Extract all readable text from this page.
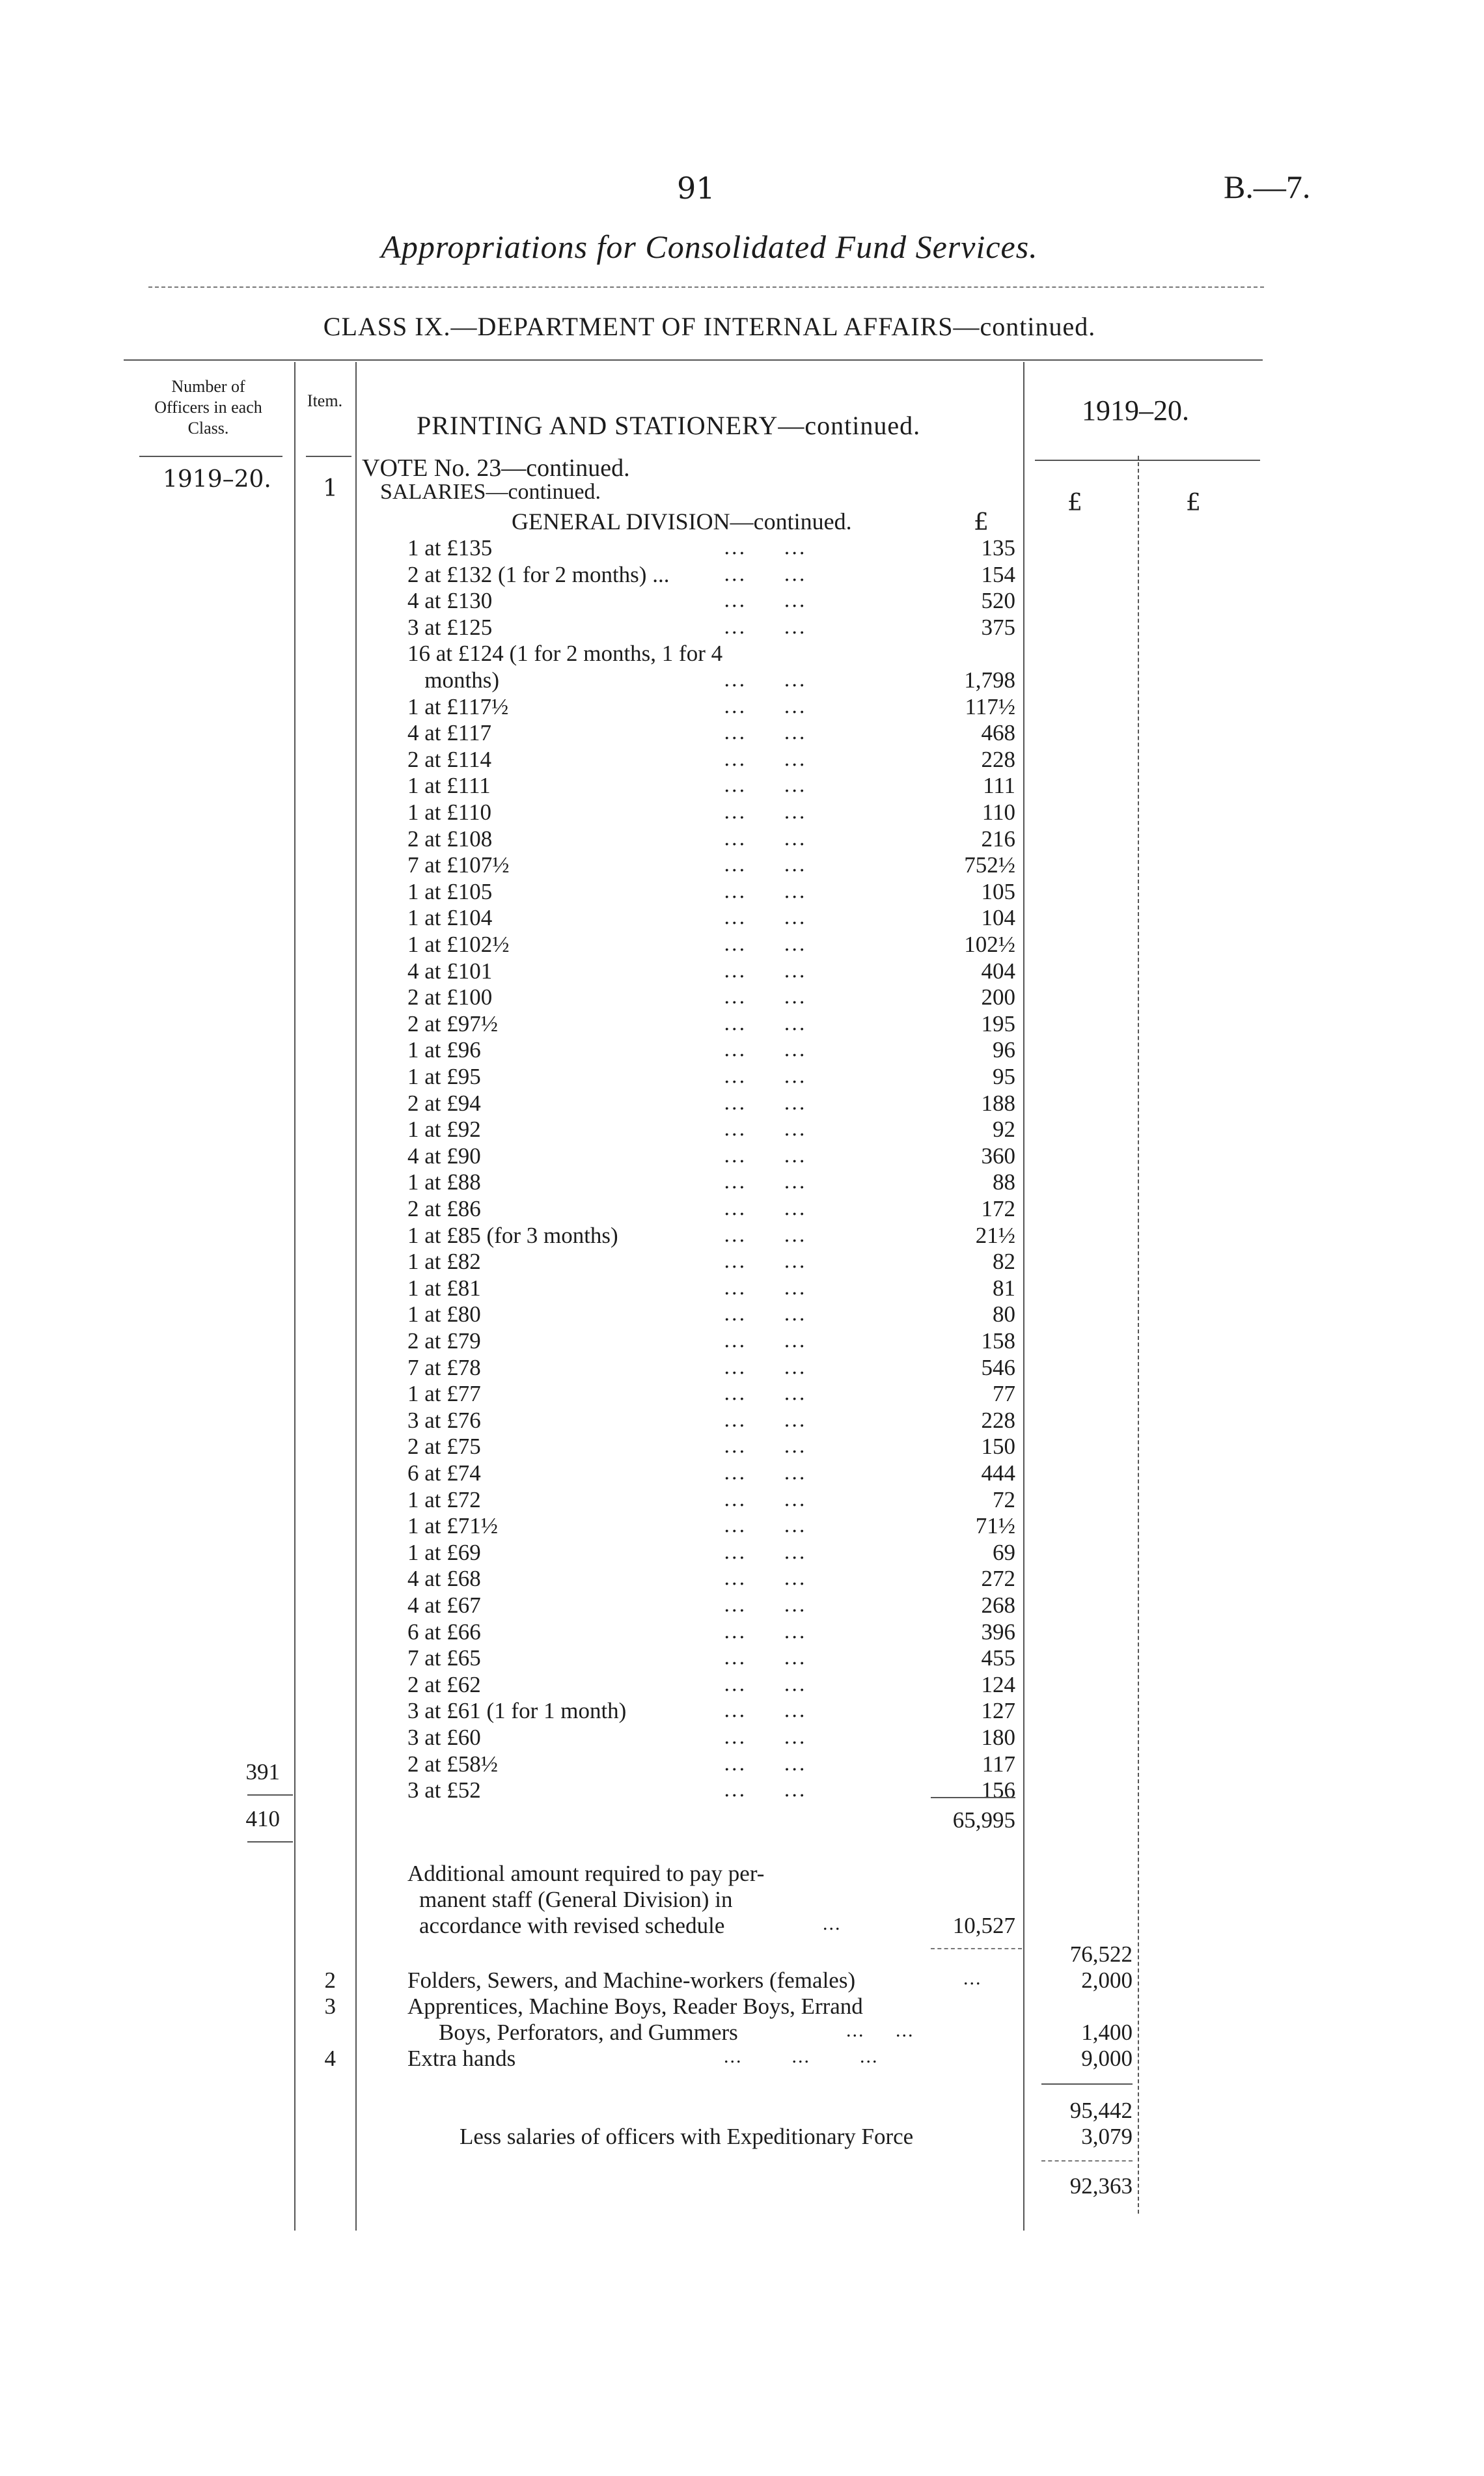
91	B.—7.
Appropriations for Consolidated Fund Services.
CLASS IX.—DEPARTMENT OF INTERNAL AFFAIRS—continued.
Number of
Officers in each
Class.
Item.
PRINTING AND STATIONERY—continued.	1919–20.
1919–20. 1
VOTE No. 23—continued.
SALARIES—continued.
GENERAL DIVISION—continued.	£
£	£
1 at £135	...     ...	135
2 at £132 (1 for 2 months) ...	...     ...	154
4 at £130	...     ...	520
3 at £125	...     ...	375
16 at £124 (1 for 2 months, 1 for 4
months)	...     ...	1,798
1 at £117½	...     ...	117½
4 at £117	...     ...	468
2 at £114	...     ...	228
1 at £111	...     ...	111
1 at £110	...     ...	110
2 at £108	...     ...	216
7 at £107½	...     ...	752½
1 at £105	...     ...	105
1 at £104	...     ...	104
1 at £102½	...     ...	102½
4 at £101	...     ...	404
2 at £100	...     ...	200
2 at £97½	...     ...	195
1 at £96	...     ...	96
1 at £95	...     ...	95
2 at £94	...     ...	188
1 at £92	...     ...	92
4 at £90	...     ...	360
1 at £88	...     ...	88
2 at £86	...     ...	172
1 at £85 (for 3 months)	...     ...	21½
1 at £82	...     ...	82
1 at £81	...     ...	81
1 at £80	...     ...	80
2 at £79	...     ...	158
7 at £78	...     ...	546
1 at £77	...     ...	77
3 at £76	...     ...	228
2 at £75	...     ...	150
6 at £74	...     ...	444
1 at £72	...     ...	72
1 at £71½	...     ...	71½
1 at £69	...     ...	69
4 at £68	...     ...	272
4 at £67	...     ...	268
6 at £66	...     ...	396
7 at £65	...     ...	455
2 at £62	...     ...	124
3 at £61 (1 for 1 month)	...     ...	127
3 at £60	...     ...	180
2 at £58½	...     ...	117
3 at £52	...     ...	156
391
410	65,995
Additional amount required to pay per-
manent staff (General Division) in
accordance with revised schedule	...	10,527
76,522
2	Folders, Sewers, and Machine-workers (females)	...	2,000
3	Apprentices, Machine Boys, Reader Boys, Errand
Boys, Perforators, and Gummers	...     ...	1,400
4	Extra hands	...        ...        ...	9,000
95,442
Less salaries of officers with Expeditionary Force	3,079
92,363
